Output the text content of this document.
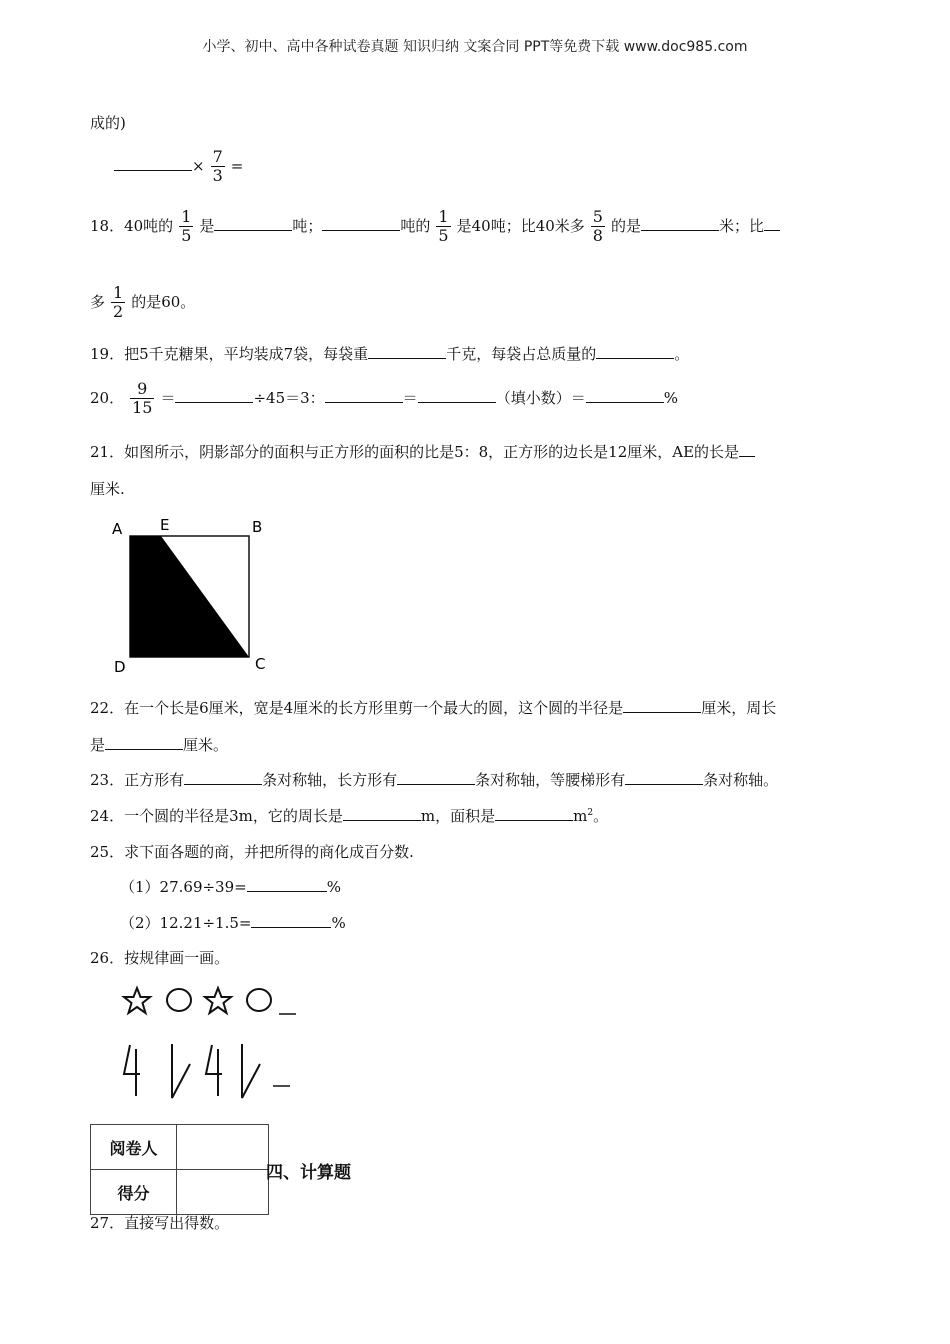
小学、初中、高中各种试卷真题 知识归纳 文案合同 PPT等免费下载 www.doc985.com
成的)
× $\frac{7}{3}$ =
18．40吨的 $\frac{1}{5}$ 是	吨；	吨的 $\frac{1}{5}$ 是40吨；比40米多 $\frac{5}{8}$ 的是	米；比
多 $\frac{1}{2}$ 的是60。
19．把5千克糖果，平均装成7袋，每袋重	千克，每袋占总质量的	。
20． $\frac{9}{15}$ ＝	÷45＝3：	＝	（填小数）＝	%
21．如图所示，阴影部分的面积与正方形的面积的比是5：8，正方形的边长是12厘米，AE的长是
厘米.
A	E	B
C
D
22．在一个长是6厘米，宽是4厘米的长方形里剪一个最大的圆，这个圆的半径是	厘米，周长
是	厘米。
23．正方形有	条对称轴，长方形有	条对称轴，等腰梯形有	条对称轴。
24．一个圆的半径是3m，它的周长是	m，面积是	$m^2$。
25．求下面各题的商，并把所得的商化成百分数.
（1）27.69÷39=	%
（2）12.21÷1.5=	%
26．按规律画一画。
阅卷人	
得分	
四、计算题
27．直接写出得数。
